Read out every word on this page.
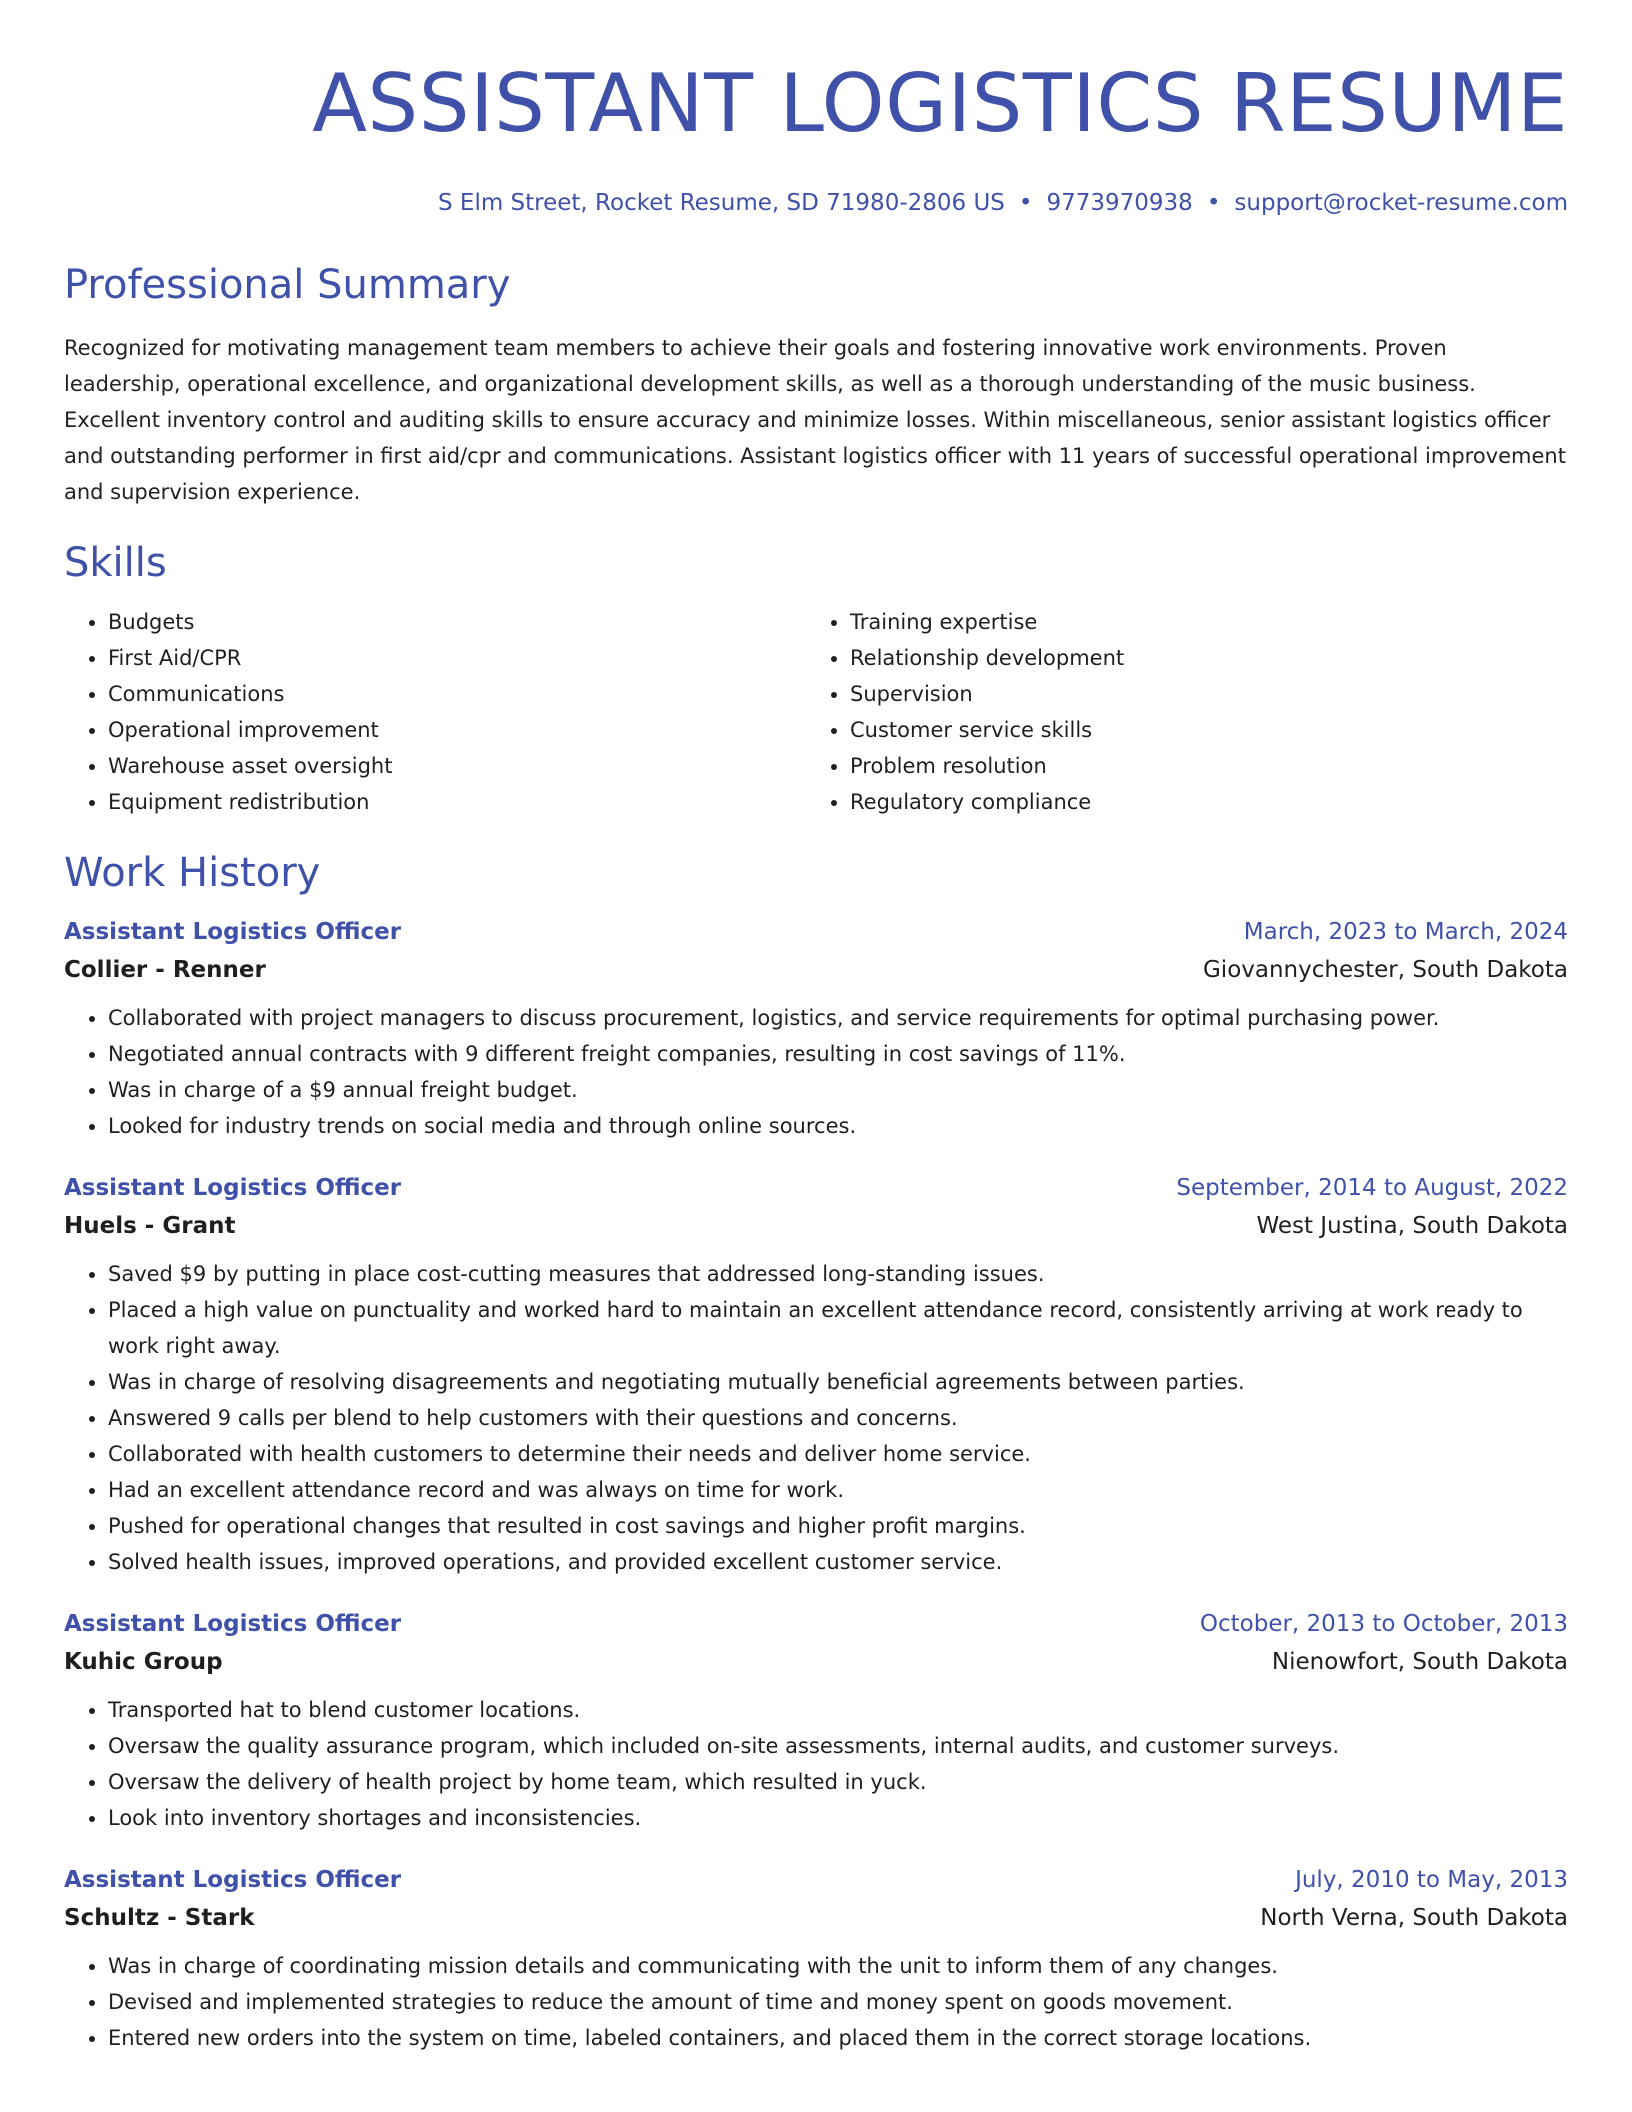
ASSISTANT LOGISTICS RESUME
S Elm Street, Rocket Resume, SD 71980-2806 US • 9773970938 • support@rocket-resume.com
Professional Summary
Recognized for motivating management team members to achieve their goals and fostering innovative work environments. Proven leadership, operational excellence, and organizational development skills, as well as a thorough understanding of the music business. Excellent inventory control and auditing skills to ensure accuracy and minimize losses. Within miscellaneous, senior assistant logistics officer and outstanding performer in first aid/cpr and communications. Assistant logistics officer with 11 years of successful operational improvement and supervision experience.
Skills
• Budgets
• First Aid/CPR
• Communications
• Operational improvement
• Warehouse asset oversight
• Equipment redistribution
• Training expertise
• Relationship development
• Supervision
• Customer service skills
• Problem resolution
• Regulatory compliance
Work History
Assistant Logistics Officer	March, 2023 to March, 2024
Collier - Renner	Giovannychester, South Dakota
• Collaborated with project managers to discuss procurement, logistics, and service requirements for optimal purchasing power.
• Negotiated annual contracts with 9 different freight companies, resulting in cost savings of 11%.
• Was in charge of a $9 annual freight budget.
• Looked for industry trends on social media and through online sources.
Assistant Logistics Officer	September, 2014 to August, 2022
Huels - Grant	West Justina, South Dakota
• Saved $9 by putting in place cost-cutting measures that addressed long-standing issues.
• Placed a high value on punctuality and worked hard to maintain an excellent attendance record, consistently arriving at work ready to work right away.
• Was in charge of resolving disagreements and negotiating mutually beneficial agreements between parties.
• Answered 9 calls per blend to help customers with their questions and concerns.
• Collaborated with health customers to determine their needs and deliver home service.
• Had an excellent attendance record and was always on time for work.
• Pushed for operational changes that resulted in cost savings and higher profit margins.
• Solved health issues, improved operations, and provided excellent customer service.
Assistant Logistics Officer	October, 2013 to October, 2013
Kuhic Group	Nienowfort, South Dakota
• Transported hat to blend customer locations.
• Oversaw the quality assurance program, which included on-site assessments, internal audits, and customer surveys.
• Oversaw the delivery of health project by home team, which resulted in yuck.
• Look into inventory shortages and inconsistencies.
Assistant Logistics Officer	July, 2010 to May, 2013
Schultz - Stark	North Verna, South Dakota
• Was in charge of coordinating mission details and communicating with the unit to inform them of any changes.
• Devised and implemented strategies to reduce the amount of time and money spent on goods movement.
• Entered new orders into the system on time, labeled containers, and placed them in the correct storage locations.
